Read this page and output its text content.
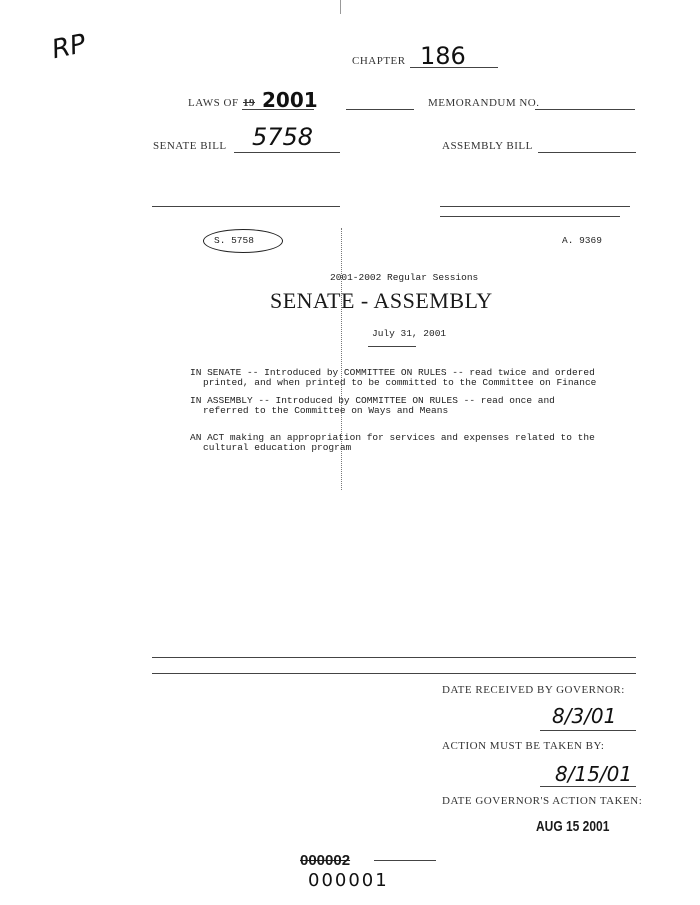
RP	CHAPTER 186
LAWS OF 19 2001	MEMORANDUM NO.
SENATE BILL 5758	ASSEMBLY BILL
S. 5758	A. 9369
2001-2002 Regular Sessions
SENATE - ASSEMBLY
July 31, 2001
IN SENATE -- Introduced by COMMITTEE ON RULES -- read twice and ordered
printed, and when printed to be committed to the Committee on Finance
IN ASSEMBLY -- Introduced by COMMITTEE ON RULES -- read once and
referred to the Committee on Ways and Means
AN ACT making an appropriation for services and expenses related to the
cultural education program
DATE RECEIVED BY GOVERNOR:
8/3/01
ACTION MUST BE TAKEN BY:
8/15/01
DATE GOVERNOR'S ACTION TAKEN:
AUG 15 2001
000002
000001
